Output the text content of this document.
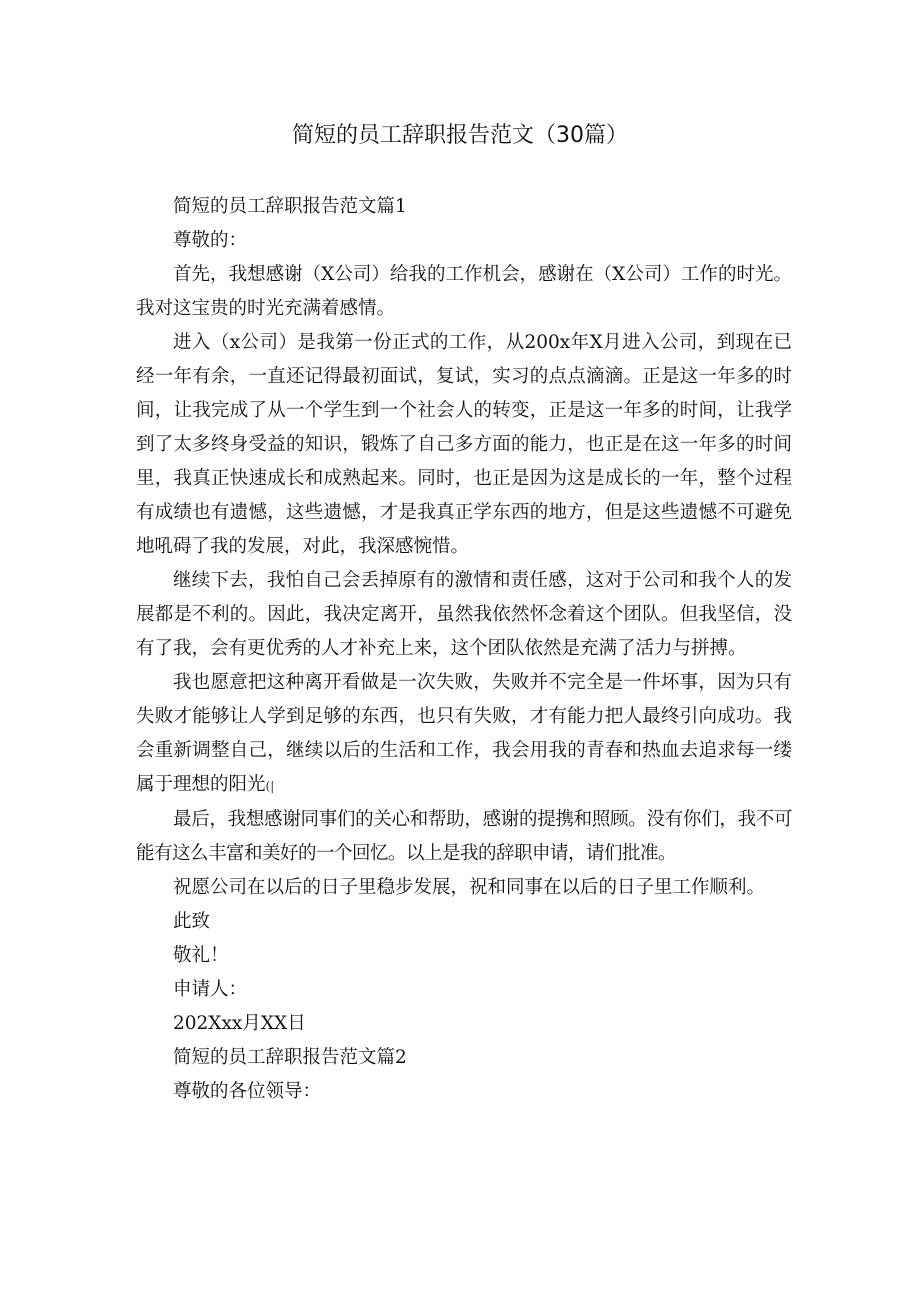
简短的员工辞职报告范文（30篇）

简短的员工辞职报告范文篇1

尊敬的：

首先，我想感谢（X公司）给我的工作机会，感谢在（X公司）工作的时光。我对这宝贵的时光充满着感情。

进入（x公司）是我第一份正式的工作，从200x年X月进入公司，到现在已经一年有余，一直还记得最初面试，复试，实习的点点滴滴。正是这一年多的时间，让我完成了从一个学生到一个社会人的转变，正是这一年多的时间，让我学到了太多终身受益的知识，锻炼了自己多方面的能力，也正是在这一年多的时间里，我真正快速成长和成熟起来。同时，也正是因为这是成长的一年，整个过程有成绩也有遗憾，这些遗憾，才是我真正学东西的地方，但是这些遗憾不可避免地吼碍了我的发展，对此，我深感惋惜。

继续下去，我怕自己会丢掉原有的激情和责任感，这对于公司和我个人的发展都是不利的。因此，我决定离开，虽然我依然怀念着这个团队。但我坚信，没有了我，会有更优秀的人才补充上来，这个团队依然是充满了活力与拼搏。

我也愿意把这种离开看做是一次失败，失败并不完全是一件坏事，因为只有失败才能够让人学到足够的东西，也只有失败，才有能力把人最终引向成功。我会重新调整自己，继续以后的生活和工作，我会用我的青春和热血去追求每一缕属于理想的阳光(|

最后，我想感谢同事们的关心和帮助，感谢的提携和照顾。没有你们，我不可能有这么丰富和美好的一个回忆。以上是我的辞职申请，请们批准。

祝愿公司在以后的日子里稳步发展，祝和同事在以后的日子里工作顺利。

此致

敬礼！

申请人：

202Xxx月XX日

简短的员工辞职报告范文篇2

尊敬的各位领导：
